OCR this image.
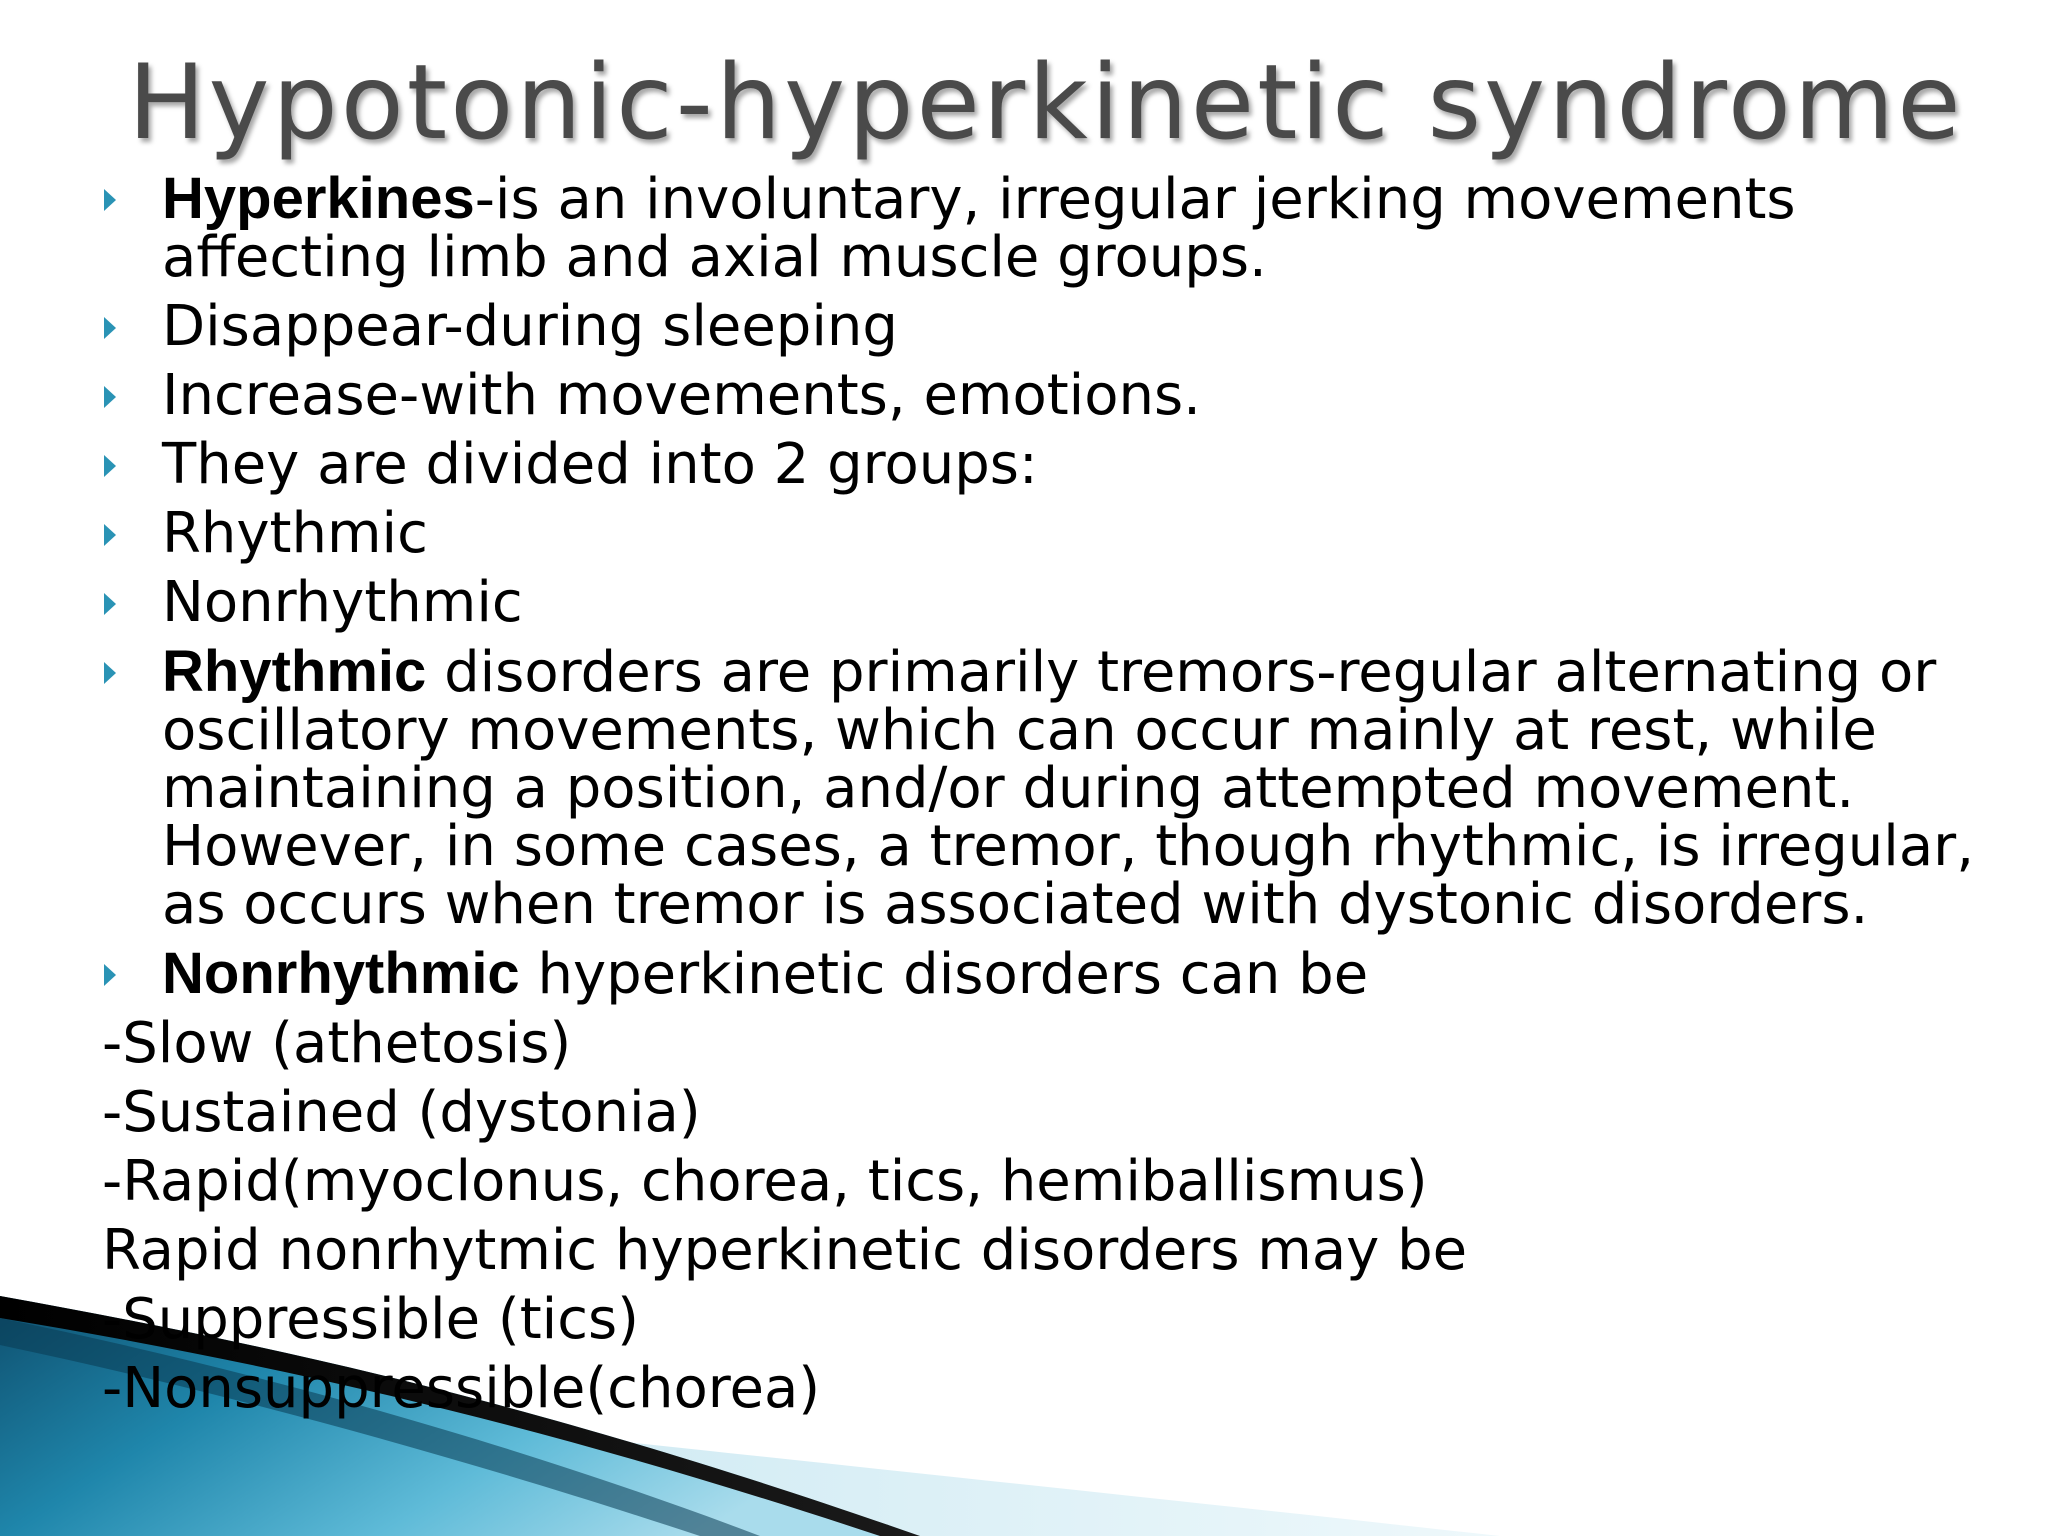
Hypotonic-hyperkinetic syndrome
Hyperkines-is an involuntary, irregular jerking movements affecting limb and axial muscle groups.
Disappear-during sleeping
Increase-with movements, emotions.
They are divided into 2 groups:
Rhythmic
Nonrhythmic
Rhythmic disorders are primarily tremors-regular alternating or oscillatory movements, which can occur mainly at rest, while maintaining a position, and/or during attempted movement. However, in some cases, a tremor, though rhythmic, is irregular, as occurs when tremor is associated with dystonic disorders.
Nonrhythmic hyperkinetic disorders can be

-Slow (athetosis)

-Sustained (dystonia)

-Rapid(myoclonus, chorea, tics, hemiballismus)

Rapid nonrhytmic hyperkinetic disorders may be

-Suppressible (tics)

-Nonsuppressible(chorea)
